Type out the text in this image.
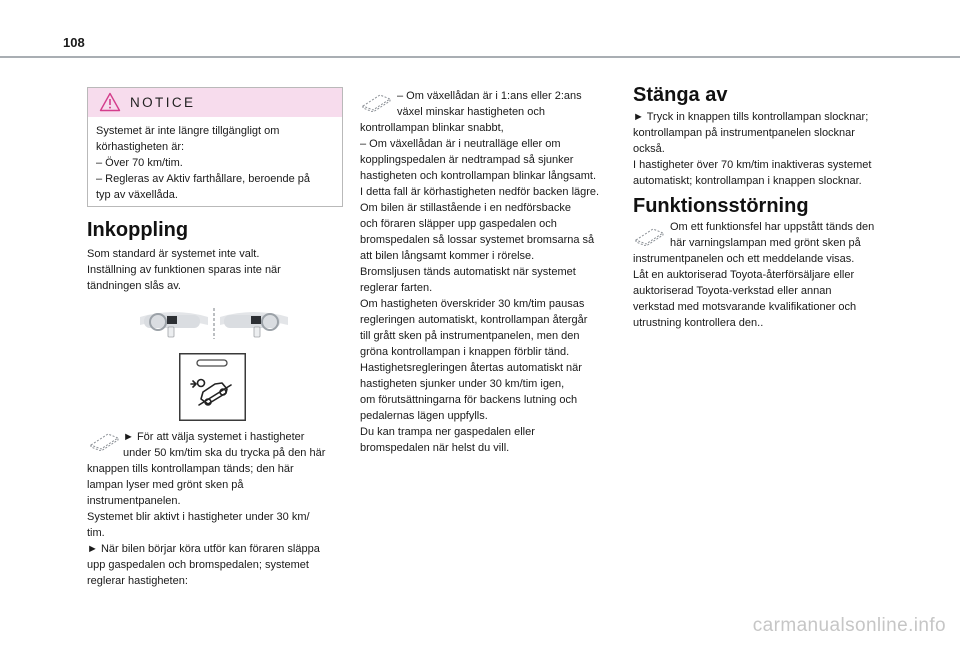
108
NOTICE
Systemet är inte längre tillgängligt om
körhastigheten är:
– Över 70 km/tim.
– Regleras av Aktiv farthållare, beroende på
typ av växellåda.
Inkoppling
Som standard är systemet inte valt.
Inställning av funktionen sparas inte när
tändningen slås av.
► För att välja systemet i hastigheter
under 50 km/tim ska du trycka på den här
knappen tills kontrollampan tänds; den här
lampan lyser med grönt sken på
instrumentpanelen.
Systemet blir aktivt i hastigheter under 30 km/
tim.
► När bilen börjar köra utför kan föraren släppa
upp gaspedalen och bromspedalen; systemet
reglerar hastigheten:
– Om växellådan är i 1:ans eller 2:ans
växel minskar hastigheten och
kontrollampan blinkar snabbt,
– Om växellådan är i neutralläge eller om
kopplingspedalen är nedtrampad så sjunker
hastigheten och kontrollampan blinkar långsamt.
I detta fall är körhastigheten nedför backen lägre.
Om bilen är stillastående i en nedförsbacke
och föraren släpper upp gaspedalen och
bromspedalen så lossar systemet bromsarna så
att bilen långsamt kommer i rörelse.
Bromsljusen tänds automatiskt när systemet
reglerar farten.
Om hastigheten överskrider 30 km/tim pausas
regleringen automatiskt, kontrollampan återgår
till grått sken på instrumentpanelen, men den
gröna kontrollampan i knappen förblir tänd.
Hastighetsregleringen återtas automatiskt när
hastigheten sjunker under 30 km/tim igen,
om förutsättningarna för backens lutning och
pedalernas lägen uppfylls.
Du kan trampa ner gaspedalen eller
bromspedalen när helst du vill.
Stänga av
► Tryck in knappen tills kontrollampan slocknar;
kontrollampan på instrumentpanelen slocknar
också.
I hastigheter över 70 km/tim inaktiveras systemet
automatiskt; kontrollampan i knappen slocknar.
Funktionsstörning
Om ett funktionsfel har uppstått tänds den
här varningslampan med grönt sken på
instrumentpanelen och ett meddelande visas.
Låt en auktoriserad Toyota-återförsäljare eller
auktoriserad Toyota-verkstad eller annan
verkstad med motsvarande kvalifikationer och
utrustning kontrollera den..
carmanualsonline.info
